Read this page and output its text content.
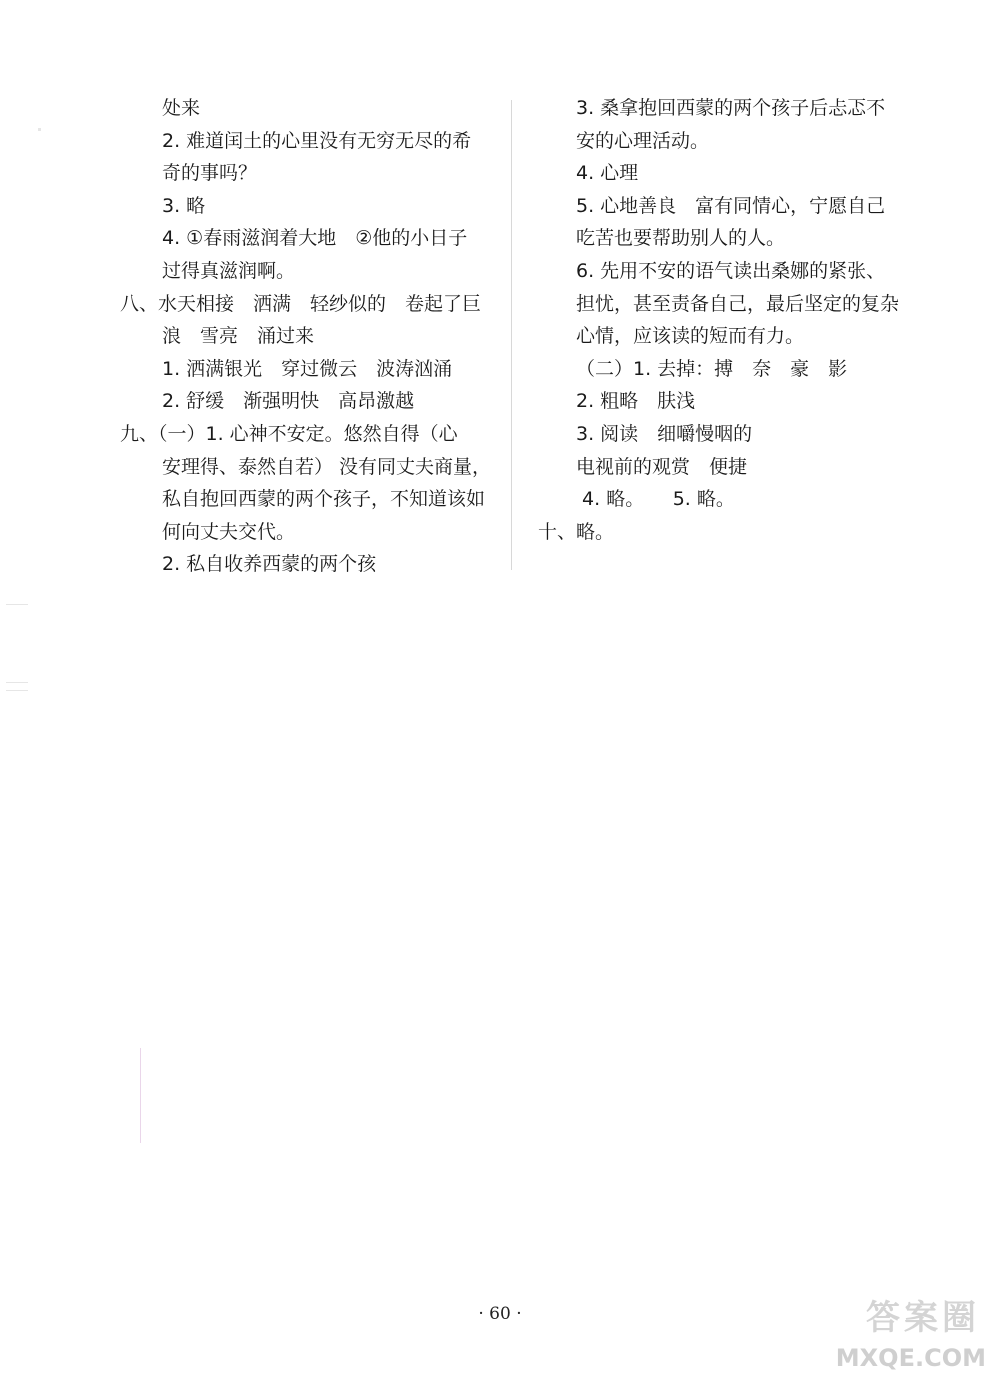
处来
2. 难道闰土的心里没有无穷无尽的希
奇的事吗？
3. 略
4. ①春雨滋润着大地　②他的小日子
过得真滋润啊。
八、水天相接　洒满　轻纱似的　卷起了巨
浪　雪亮　涌过来
1. 洒满银光　穿过微云　波涛汹涌
2. 舒缓　渐强明快　高昂激越
九、（一）1. 心神不安定。悠然自得（心
安理得、泰然自若） 没有同丈夫商量，
私自抱回西蒙的两个孩子，不知道该如
何向丈夫交代。
2. 私自收养西蒙的两个孩
3. 桑拿抱回西蒙的两个孩子后忐忑不
安的心理活动。
4. 心理
5. 心地善良　富有同情心，宁愿自己
吃苦也要帮助别人的人。
6. 先用不安的语气读出桑娜的紧张、
担忧，甚至责备自己，最后坚定的复杂
心情，应该读的短而有力。
（二）1. 去掉：搏　奈　豪　影
2. 粗略　肤浅
3. 阅读　细嚼慢咽的
电视前的观赏　便捷
4. 略。　　5. 略。
十、略。
· 60 ·	答案圈
MXQE.COM
